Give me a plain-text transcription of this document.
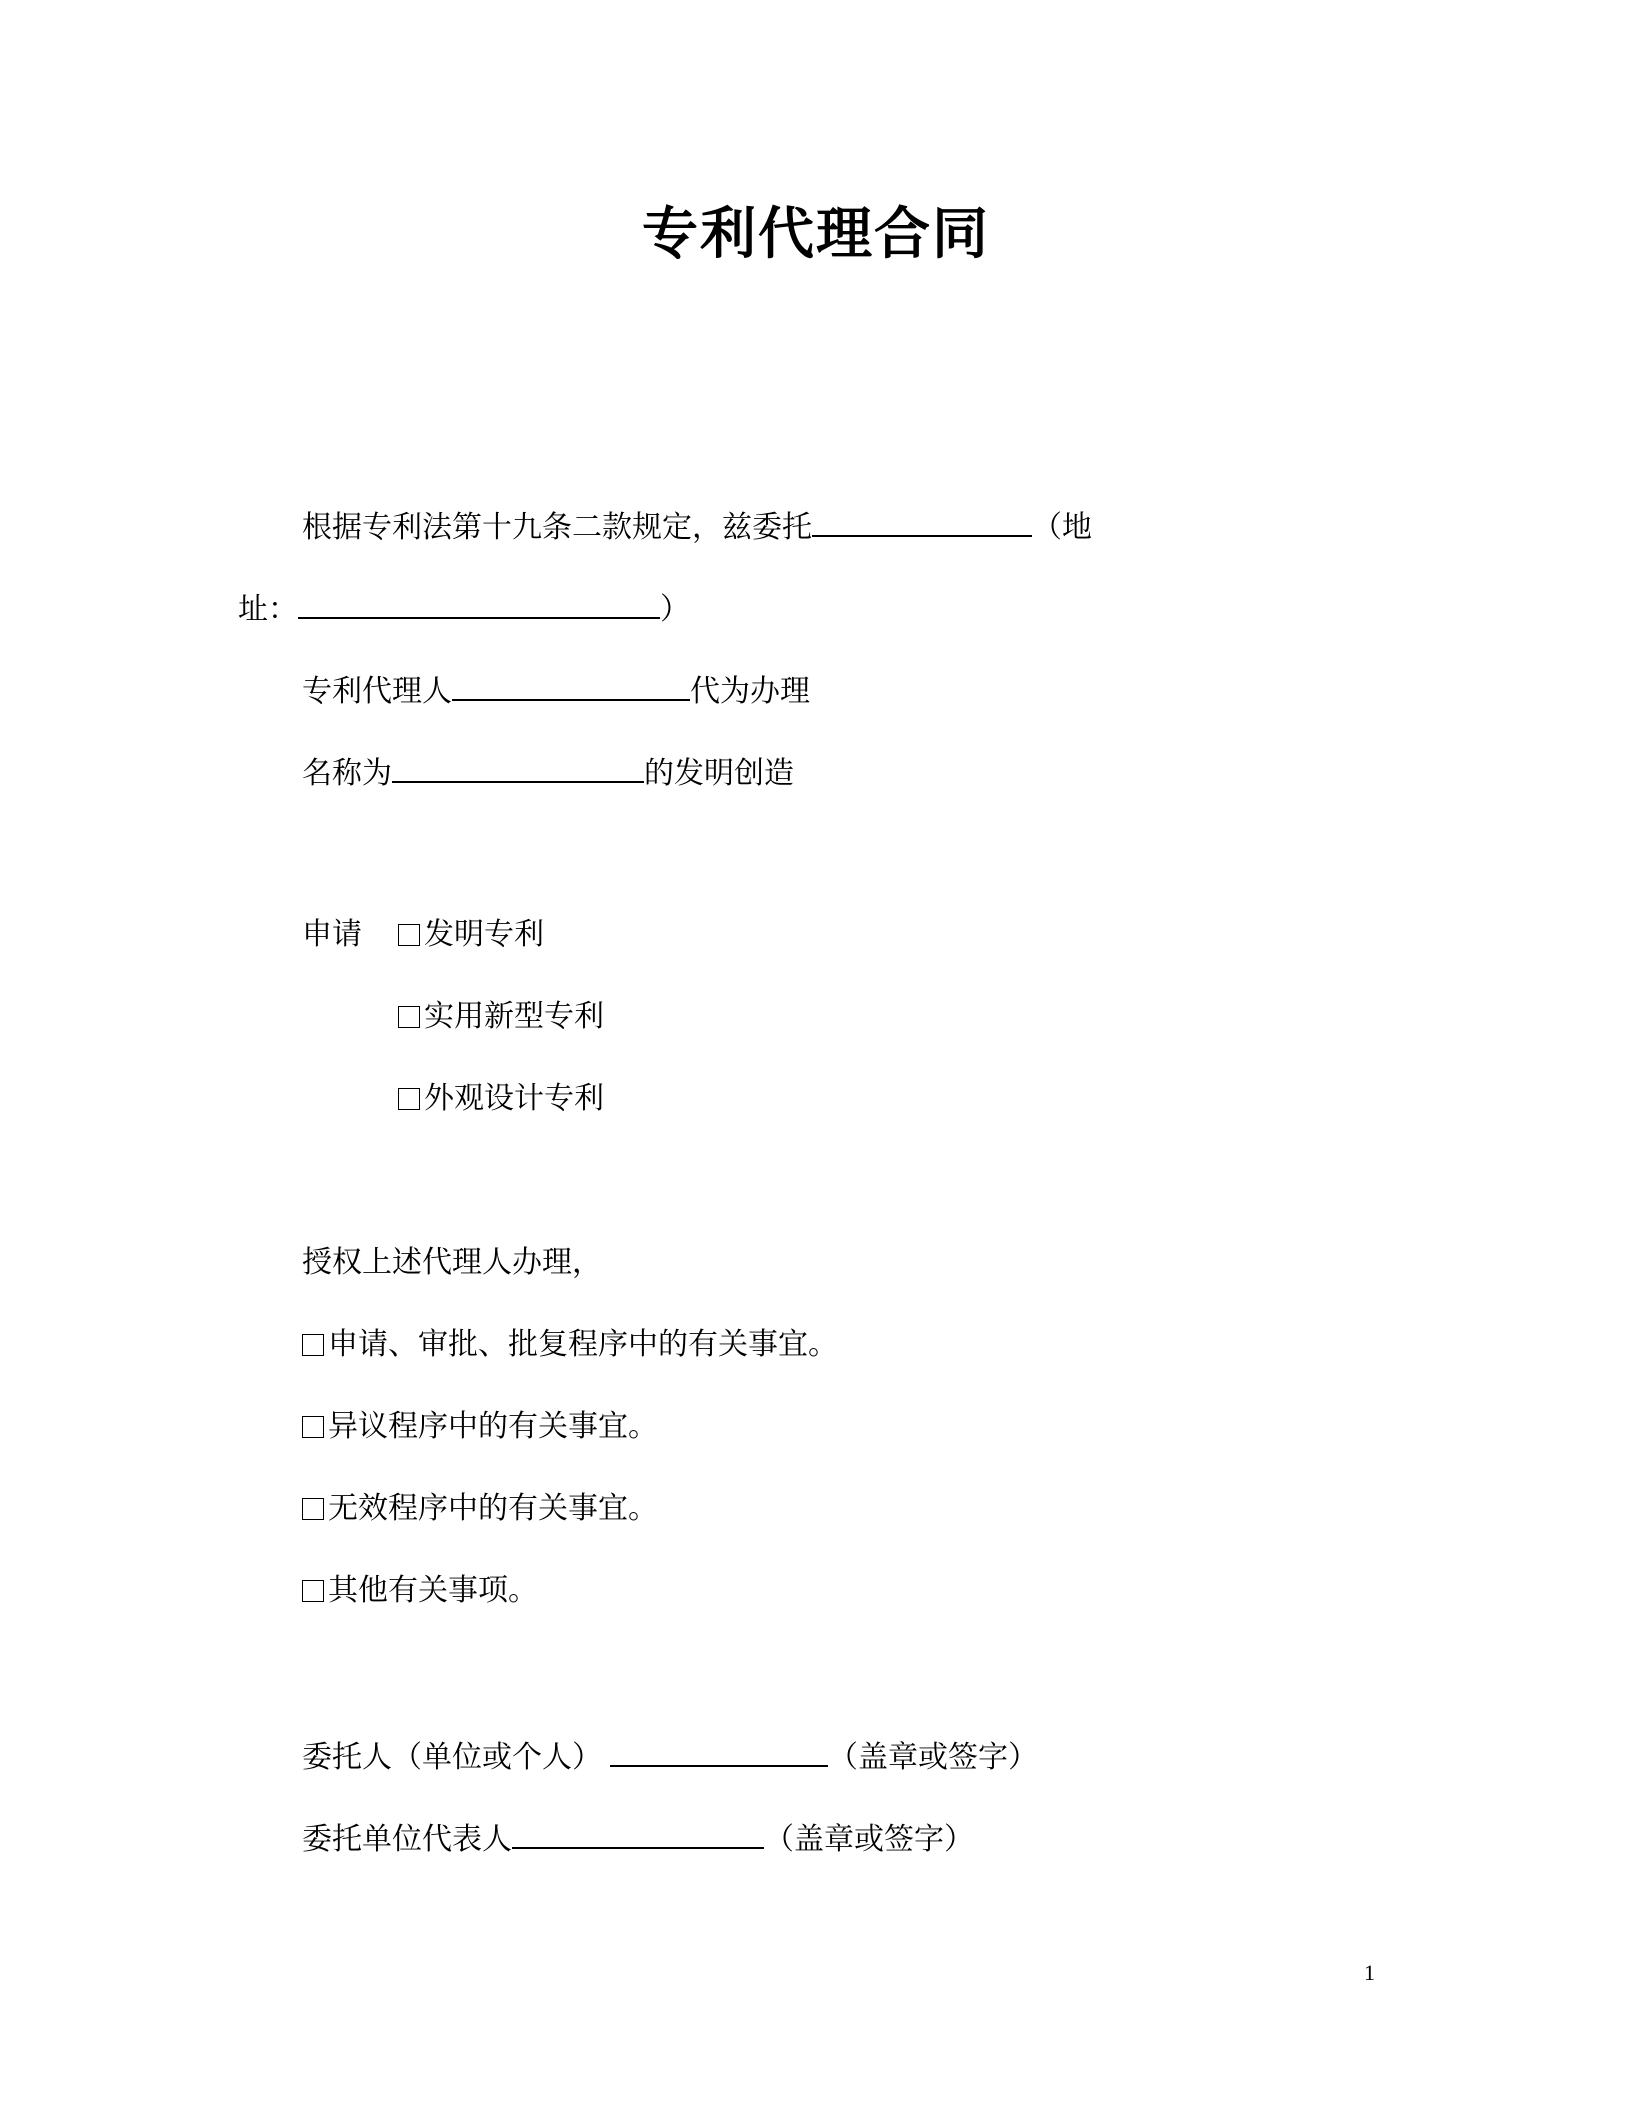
专利代理合同
根据专利法第十九条二款规定，兹委托	（地
址：	）
专利代理人	代为办理
名称为	的发明创造
申请	发明专利
实用新型专利
外观设计专利
授权上述代理人办理，
申请、审批、批复程序中的有关事宜。
异议程序中的有关事宜。
无效程序中的有关事宜。
其他有关事项。
委托人（单位或个人）	（盖章或签字）
委托单位代表人	（盖章或签字）
1
